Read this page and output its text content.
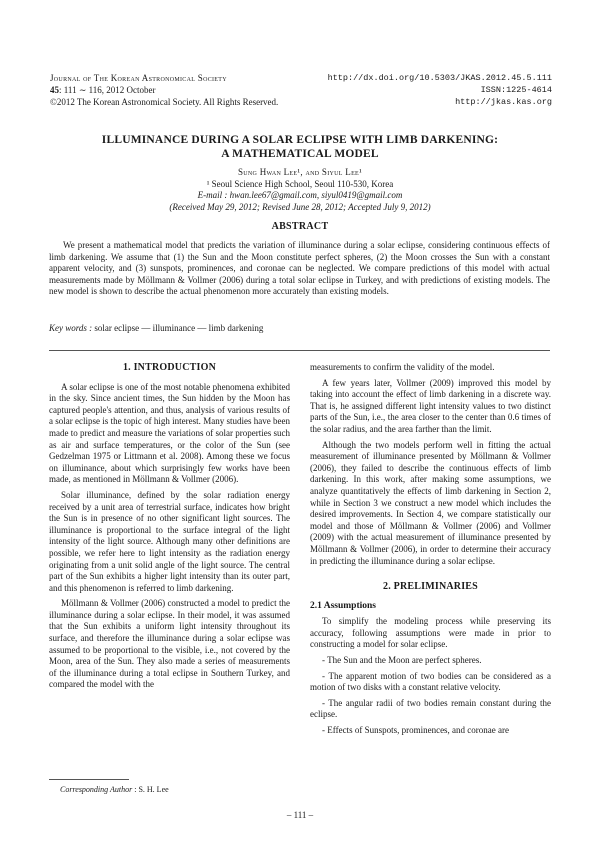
Journal of The Korean Astronomical Society
45: 111 ∼ 116, 2012 October
©2012 The Korean Astronomical Society. All Rights Reserved.
http://dx.doi.org/10.5303/JKAS.2012.45.5.111
ISSN:1225-4614
http://jkas.kas.org
ILLUMINANCE DURING A SOLAR ECLIPSE WITH LIMB DARKENING:
A MATHEMATICAL MODEL
Sung Hwan Lee¹, and Siyul Lee¹
¹ Seoul Science High School, Seoul 110-530, Korea
E-mail : hwan.lee67@gmail.com, siyul0419@gmail.com
(Received May 29, 2012; Revised June 28, 2012; Accepted July 9, 2012)
ABSTRACT
We present a mathematical model that predicts the variation of illuminance during a solar eclipse, considering continuous effects of limb darkening. We assume that (1) the Sun and the Moon constitute perfect spheres, (2) the Moon crosses the Sun with a constant apparent velocity, and (3) sunspots, prominences, and coronae can be neglected. We compare predictions of this model with actual measurements made by Möllmann & Vollmer (2006) during a total solar eclipse in Turkey, and with predictions of existing models. The new model is shown to describe the actual phenomenon more accurately than existing models.
Key words : solar eclipse — illuminance — limb darkening
1. INTRODUCTION

A solar eclipse is one of the most notable phenomena exhibited in the sky. Since ancient times, the Sun hidden by the Moon has captured people's attention, and thus, analysis of various results of a solar eclipse is the topic of high interest. Many studies have been made to predict and measure the variations of solar properties such as air and surface temperatures, or the color of the Sun (see Gedzelman 1975 or Littmann et al. 2008). Among these we focus on illuminance, about which surprisingly few works have been made, as mentioned in Möllmann & Vollmer (2006).

Solar illuminance, defined by the solar radiation energy received by a unit area of terrestrial surface, indicates how bright the Sun is in presence of no other significant light sources. The illuminance is proportional to the surface integral of the light intensity of the light source. Although many other definitions are possible, we refer here to light intensity as the radiation energy originating from a unit solid angle of the light source. The central part of the Sun exhibits a higher light intensity than its outer part, and this phenomenon is referred to limb darkening.

Möllmann & Vollmer (2006) constructed a model to predict the illuminance during a solar eclipse. In their model, it was assumed that the Sun exhibits a uniform light intensity throughout its surface, and therefore the illuminance during a solar eclipse was assumed to be proportional to the visible, i.e., not covered by the Moon, area of the Sun. They also made a series of measurements of the illuminance during a total eclipse in Southern Turkey, and compared the model with the

measurements to confirm the validity of the model.

A few years later, Vollmer (2009) improved this model by taking into account the effect of limb darkening in a discrete way. That is, he assigned different light intensity values to two distinct parts of the Sun, i.e., the area closer to the center than 0.6 times of the solar radius, and the area farther than the limit.

Although the two models perform well in fitting the actual measurement of illuminance presented by Möllmann & Vollmer (2006), they failed to describe the continuous effects of limb darkening. In this work, after making some assumptions, we analyze quantitatively the effects of limb darkening in Section 2, while in Section 3 we construct a new model which includes the desired improvements. In Section 4, we compare statistically our model and those of Möllmann & Vollmer (2006) and Vollmer (2009) with the actual measurement of illuminance presented by Möllmann & Vollmer (2006), in order to determine their accuracy in predicting the illuminance during a solar eclipse.

2. PRELIMINARIES
2.1 Assumptions

To simplify the modeling process while preserving its accuracy, following assumptions were made in prior to constructing a model for solar eclipse.

- The Sun and the Moon are perfect spheres.

- The apparent motion of two bodies can be considered as a motion of two disks with a constant relative velocity.

- The angular radii of two bodies remain constant during the eclipse.

- Effects of Sunspots, prominences, and coronae are

Corresponding Author : S. H. Lee
– 111 –
